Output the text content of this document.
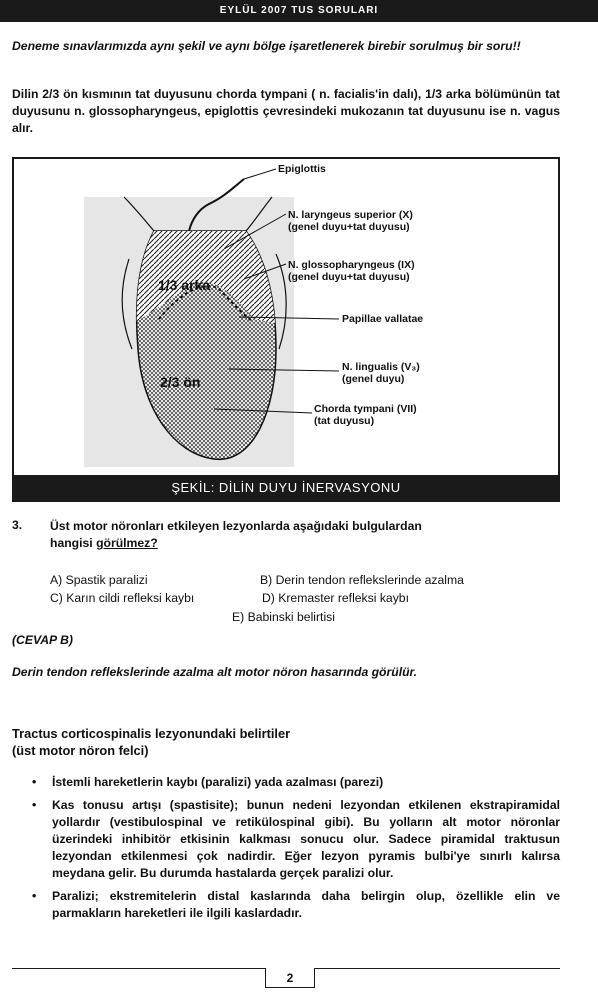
EYLÜL 2007 TUS SORULARI
Deneme sınavlarımızda aynı şekil ve aynı bölge işaretlenerek birebir sorulmuş bir soru!!
Dilin 2/3 ön kısmının tat duyusunu chorda tympani ( n. facialis'in dalı), 1/3 arka bölümünün tat duyusunu n. glossopharyngeus, epiglottis çevresindeki mukozanın tat duyusunu ise n. vagus alır.
1/3 arka
2/3 ön
Epiglottis
N. laryngeus superior (X)
(genel duyu+tat duyusu)
N. glossopharyngeus (IX)
(genel duyu+tat duyusu)
Papillae vallatae
N. lingualis (V₃)
(genel duyu)
Chorda tympani (VII)
(tat duyusu)
ŞEKİL: DİLİN DUYU İNERVASYONU
3. Üst motor nöronları etkileyen lezyonlarda aşağıdaki bulgulardan
hangisi görülmez?
A) Spastik paralizi	B) Derin tendon reflekslerinde azalma
C) Karın cildi refleksi kaybı	D) Kremaster refleksi kaybı
E) Babinski belirtisi
(CEVAP B)
Derin tendon reflekslerinde azalma alt motor nöron hasarında görülür.
Tractus corticospinalis lezyonundaki belirtiler
(üst motor nöron felci)
• İstemli hareketlerin kaybı (paralizi) yada azalması (parezi)
• Kas tonusu artışı (spastisite); bunun nedeni lezyondan etkilenen ekstrapiramidal yollardır (vestibulospinal ve retikülospinal gibi). Bu yolların alt motor nöronlar üzerindeki inhibitör etkisinin kalkması sonucu olur. Sadece piramidal traktusun lezyondan etkilenmesi çok nadirdir. Eğer lezyon pyramis bulbi'ye sınırlı kalırsa meydana gelir. Bu durumda hastalarda gerçek paralizi olur.
• Paralizi; ekstremitelerin distal kaslarında daha belirgin olup, özellikle elin ve parmakların hareketleri ile ilgili kaslardadır.
2
